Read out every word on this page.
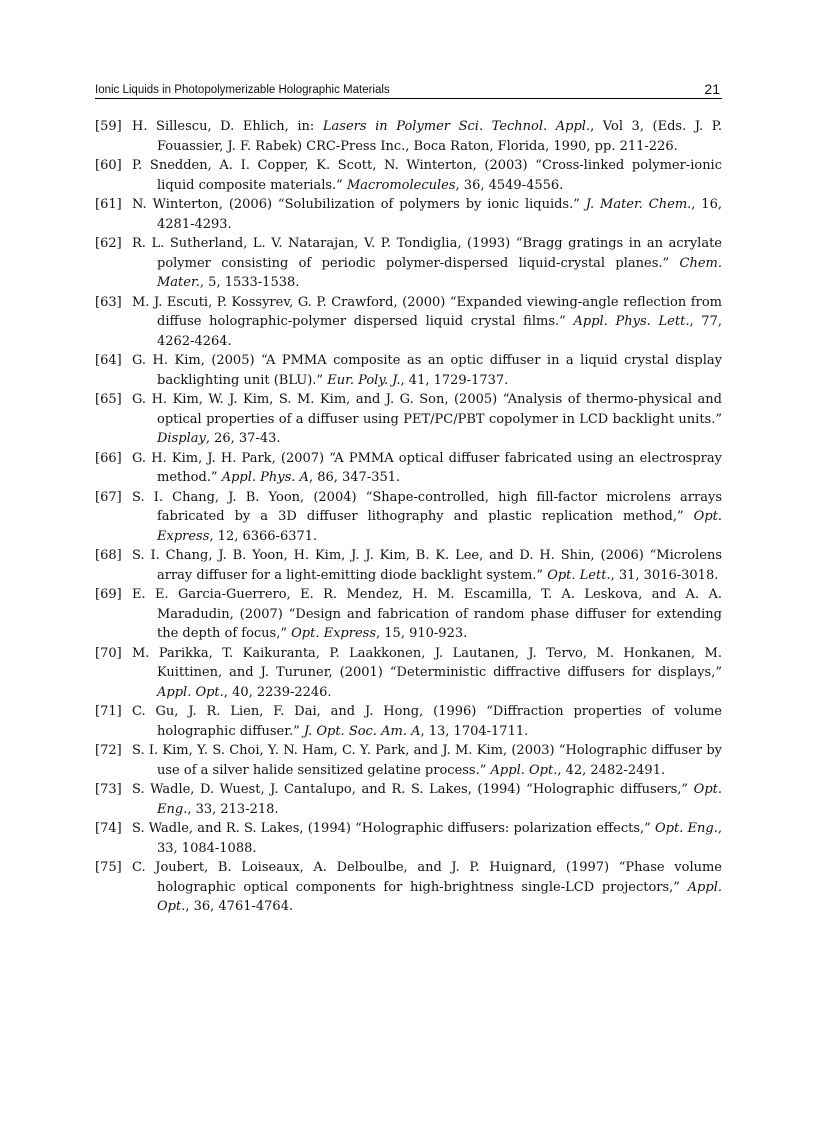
Ionic Liquids in Photopolymerizable Holographic Materials	21

[59] H. Sillescu, D. Ehlich, in: Lasers in Polymer Sci. Technol. Appl., Vol 3, (Eds. J. P. Fouassier, J. F. Rabek) CRC-Press Inc., Boca Raton, Florida, 1990, pp. 211-226.

[60] P. Snedden, A. I. Copper, K. Scott, N. Winterton, (2003) “Cross-linked polymer-ionic liquid composite materials.” Macromolecules, 36, 4549-4556.

[61] N. Winterton, (2006) “Solubilization of polymers by ionic liquids.” J. Mater. Chem., 16, 4281-4293.

[62] R. L. Sutherland, L. V. Natarajan, V. P. Tondiglia, (1993) “Bragg gratings in an acrylate polymer consisting of periodic polymer-dispersed liquid-crystal planes.” Chem. Mater., 5, 1533-1538.

[63] M. J. Escuti, P. Kossyrev, G. P. Crawford, (2000) “Expanded viewing-angle reflection from diffuse holographic-polymer dispersed liquid crystal films.” Appl. Phys. Lett., 77, 4262-4264.

[64] G. H. Kim, (2005) “A PMMA composite as an optic diffuser in a liquid crystal display backlighting unit (BLU).” Eur. Poly. J., 41, 1729-1737.

[65] G. H. Kim, W. J. Kim, S. M. Kim, and J. G. Son, (2005) “Analysis of thermo-physical and optical properties of a diffuser using PET/PC/PBT copolymer in LCD backlight units.” Display, 26, 37-43.

[66] G. H. Kim, J. H. Park, (2007) “A PMMA optical diffuser fabricated using an electrospray method.” Appl. Phys. A, 86, 347-351.

[67] S. I. Chang, J. B. Yoon, (2004) “Shape-controlled, high fill-factor microlens arrays fabricated by a 3D diffuser lithography and plastic replication method,” Opt. Express, 12, 6366-6371.

[68] S. I. Chang, J. B. Yoon, H. Kim, J. J. Kim, B. K. Lee, and D. H. Shin, (2006) “Microlens array diffuser for a light-emitting diode backlight system.” Opt. Lett., 31, 3016-3018.

[69] E. E. Garcia-Guerrero, E. R. Mendez, H. M. Escamilla, T. A. Leskova, and A. A. Maradudin, (2007) “Design and fabrication of random phase diffuser for extending the depth of focus,” Opt. Express, 15, 910-923.

[70] M. Parikka, T. Kaikuranta, P. Laakkonen, J. Lautanen, J. Tervo, M. Honkanen, M. Kuittinen, and J. Turuner, (2001) “Deterministic diffractive diffusers for displays,” Appl. Opt., 40, 2239-2246.

[71] C. Gu, J. R. Lien, F. Dai, and J. Hong, (1996) “Diffraction properties of volume holographic diffuser.” J. Opt. Soc. Am. A, 13, 1704-1711.

[72] S. I. Kim, Y. S. Choi, Y. N. Ham, C. Y. Park, and J. M. Kim, (2003) “Holographic diffuser by use of a silver halide sensitized gelatine process.” Appl. Opt., 42, 2482-2491.

[73] S. Wadle, D. Wuest, J. Cantalupo, and R. S. Lakes, (1994) “Holographic diffusers,” Opt. Eng., 33, 213-218.

[74] S. Wadle, and R. S. Lakes, (1994) “Holographic diffusers: polarization effects,” Opt. Eng., 33, 1084-1088.

[75] C. Joubert, B. Loiseaux, A. Delboulbe, and J. P. Huignard, (1997) “Phase volume holographic optical components for high-brightness single-LCD projectors,” Appl. Opt., 36, 4761-4764.
